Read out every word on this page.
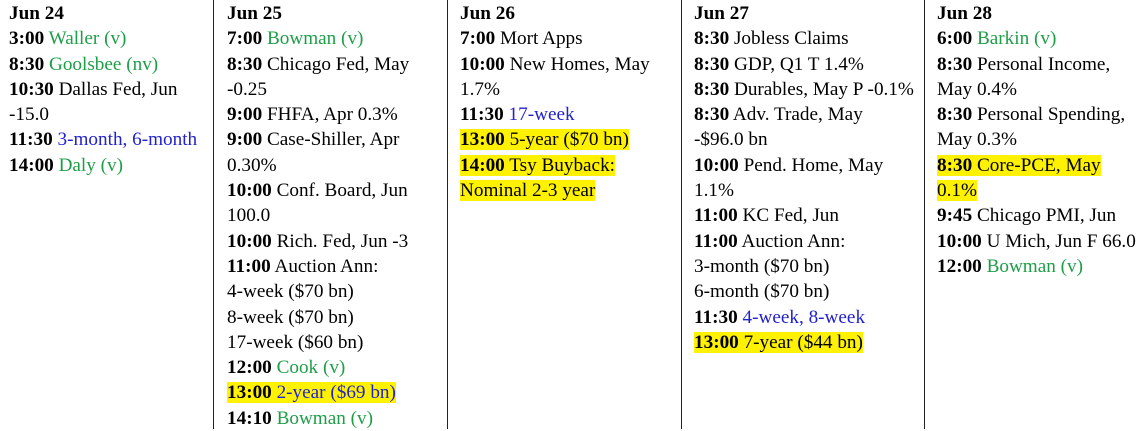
Jun 24
3:00 Waller (v)
8:30 Goolsbee (nv)
10:30 Dallas Fed, Jun -15.0
11:30 3-month, 6-month
14:00 Daly (v)
Jun 25
7:00 Bowman (v)
8:30 Chicago Fed, May -0.25
9:00 FHFA, Apr 0.3%
9:00 Case-Shiller, Apr 0.30%
10:00 Conf. Board, Jun 100.0
10:00 Rich. Fed, Jun -3
11:00 Auction Ann:
4-week ($70 bn)
8-week ($70 bn)
17-week ($60 bn)
12:00 Cook (v)
13:00 2-year ($69 bn)
14:10 Bowman (v)
Jun 26
7:00 Mort Apps
10:00 New Homes, May 1.7%
11:30 17-week
13:00 5-year ($70 bn)
14:00 Tsy Buyback: Nominal 2-3 year
Jun 27
8:30 Jobless Claims
8:30 GDP, Q1 T 1.4%
8:30 Durables, May P -0.1%
8:30 Adv. Trade, May -$96.0 bn
10:00 Pend. Home, May 1.1%
11:00 KC Fed, Jun
11:00 Auction Ann:
3-month ($70 bn)
6-month ($70 bn)
11:30 4-week, 8-week
13:00 7-year ($44 bn)
Jun 28
6:00 Barkin (v)
8:30 Personal Income, May 0.4%
8:30 Personal Spending, May 0.3%
8:30 Core-PCE, May 0.1%
9:45 Chicago PMI, Jun
10:00 U Mich, Jun F 66.0
12:00 Bowman (v)
